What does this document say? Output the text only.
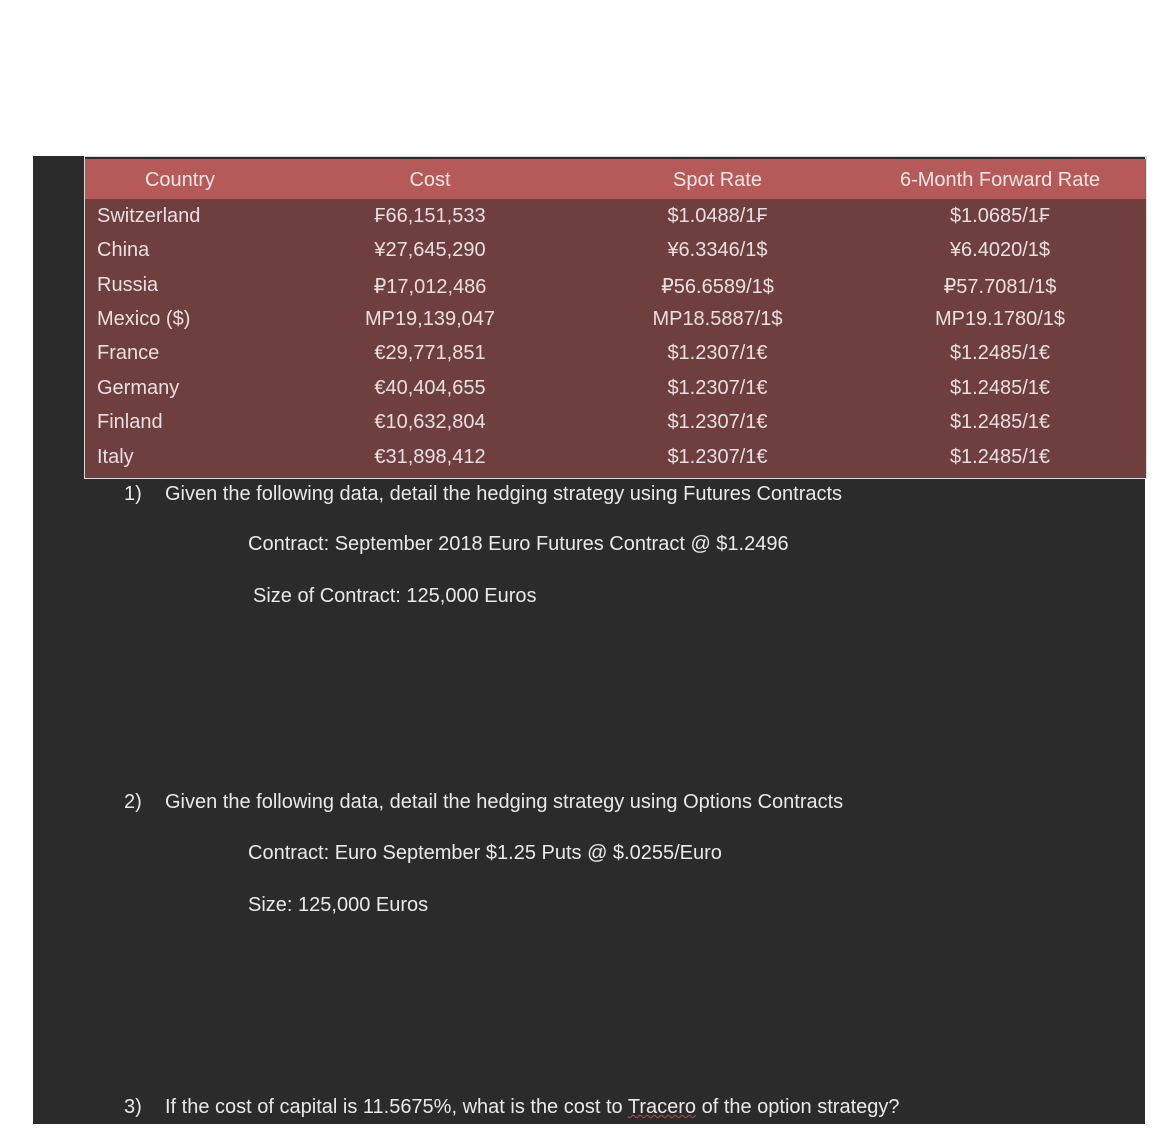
Country	Cost	Spot Rate	6-Month Forward Rate
Switzerland	₣66,151,533	$1.0488/1₣	$1.0685/1₣
China	¥27,645,290	¥6.3346/1$	¥6.4020/1$
Russia	₽17,012,486	₽56.6589/1$	₽57.7081/1$
Mexico ($)	MP19,139,047	MP18.5887/1$	MP19.1780/1$
France	€29,771,851	$1.2307/1€	$1.2485/1€
Germany	€40,404,655	$1.2307/1€	$1.2485/1€
Finland	€10,632,804	$1.2307/1€	$1.2485/1€
Italy	€31,898,412	$1.2307/1€	$1.2485/1€
1) Given the following data, detail the hedging strategy using Futures Contracts
Contract: September 2018 Euro Futures Contract @ $1.2496
Size of Contract: 125,000 Euros
2) Given the following data, detail the hedging strategy using Options Contracts
Contract: Euro September $1.25 Puts @ $.0255/Euro
Size: 125,000 Euros
3) If the cost of capital is 11.5675%, what is the cost to Tracero of the option strategy?
